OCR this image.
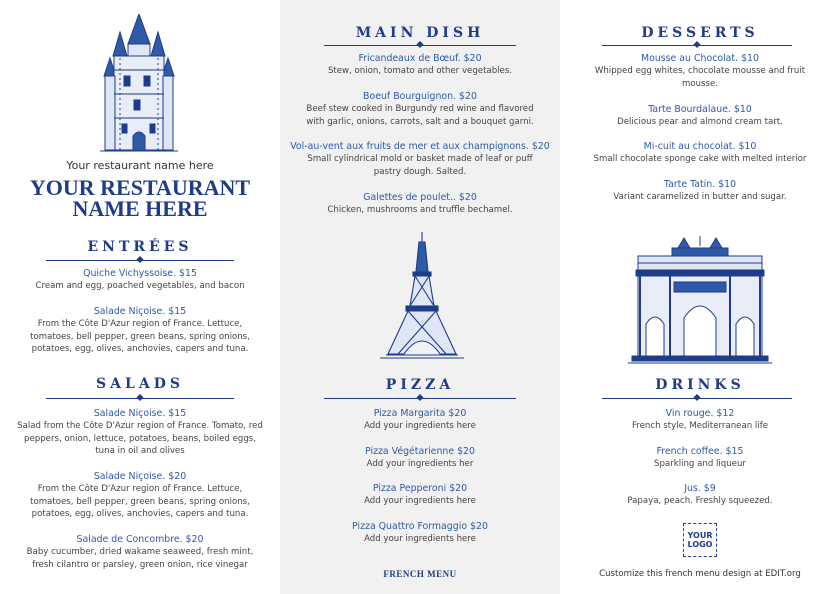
Your restaurant name here
YOUR RESTAURANT
NAME HERE
ENTRÉES
Quiche Vichyssoise. $15
Cream and egg, poached vegetables, and bacon
Salade Niçoise. $15
From the Côte D'Azur region of France. Lettuce,
tomatoes, bell pepper, green beans, spring onions,
potatoes, egg, olives, anchovies, capers and tuna.
SALADS
Salade Niçoise. $15
Salad from the Côte D'Azur region of France. Tomato, red
peppers, onion, lettuce, potatoes, beans, boiled eggs,
tuna in oil and olives
Salade Niçoise. $20
From the Côte D'Azur region of France. Lettuce,
tomatoes, bell pepper, green beans, spring onions,
potatoes, egg, olives, anchovies, capers and tuna.
Salade de Concombre. $20
Baby cucumber, dried wakame seaweed, fresh mint,
fresh cilantro or parsley, green onion, rice vinegar
MAIN DISH
Fricandeaux de Bœuf. $20
Stew, onion, tomato and other vegetables.
Boeuf Bourguignon. $20
Beef stew cooked in Burgundy red wine and flavored
with garlic, onions, carrots, salt and a bouquet garni.
Vol-au-vent aux fruits de mer et aux champignons. $20
Small cylindrical mold or basket made of leaf or puff
pastry dough. Salted.
Galettes de poulet.. $20
Chicken, mushrooms and truffle bechamel.
PIZZA
Pizza Margarita $20
Add your ingredients here
Pizza Végétarienne $20
Add your ingredients her
Pizza Pepperoni $20
Add your ingredients here
Pizza Quattro Formaggio $20
Add your ingredients here
FRENCH MENU
DESSERTS
Mousse au Chocolat. $10
Whipped egg whites, chocolate mousse and fruit
mousse.
Tarte Bourdalaue. $10
Delicious pear and almond cream tart.
Mi-cuit au chocolat. $10
Small chocolate sponge cake with melted interior
Tarte Tatin. $10
Variant caramelized in butter and sugar.
DRINKS
Vin rouge. $12
French style, Mediterranean life
French coffee. $15
Sparkling and liqueur
Jus. $9
Papaya, peach. Freshly squeezed.
YOUR
LOGO
Customize this french menu design at EDIT.org
